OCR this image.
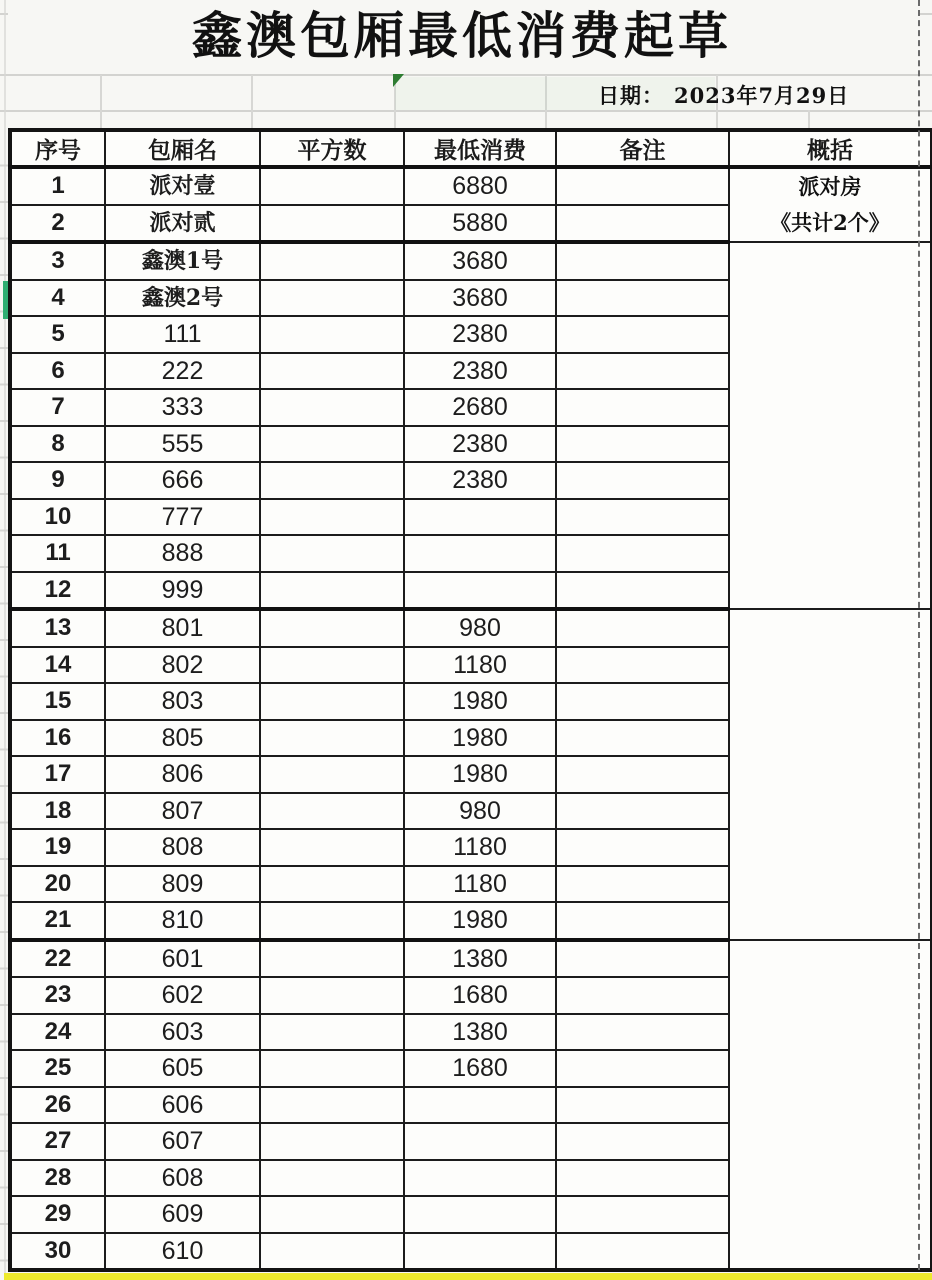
鑫澳包厢最低消费起草
日期： 2023年7月29日
序号	包厢名	平方数	最低消费	备注	概括
1	派对壹		6880		派对房
《共计2个》

2	派对贰		5880		
3	鑫澳1号		3680		
4	鑫澳2号		3680		
5	111		2380		
6	222		2380		
7	333		2680		
8	555		2380		
9	666		2380		
10	777				
11	888				
12	999				
13	801		980		
14	802		1180		
15	803		1980		
16	805		1980		
17	806		1980		
18	807		980		
19	808		1180		
20	809		1180		
21	810		1980		
22	601		1380		
23	602		1680		
24	603		1380		
25	605		1680		
26	606				
27	607				
28	608				
29	609				
30	610				
